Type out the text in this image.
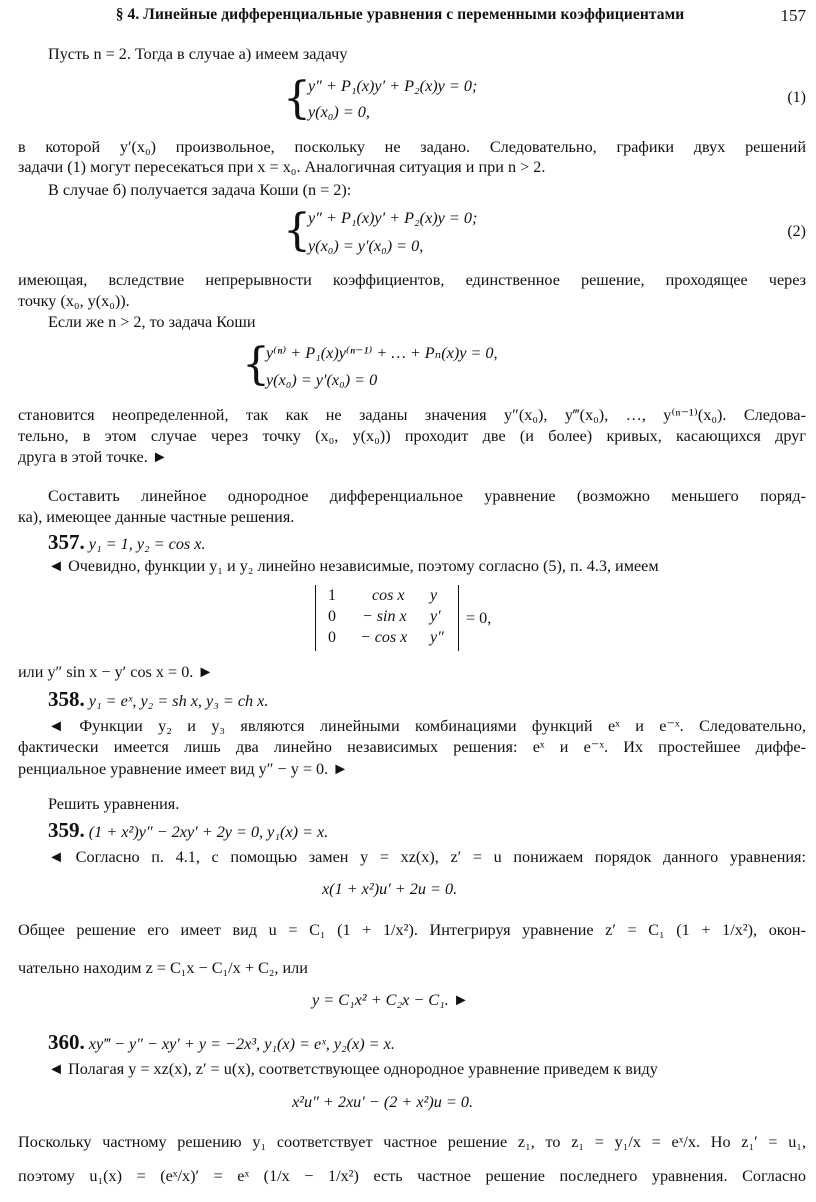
§ 4. Линейные дифференциальные уравнения с переменными коэффициентами	157
Пусть n = 2. Тогда в случае а) имеем задачу
{
y″ + P₁(x)y′ + P₂(x)y = 0;
y(x₀) = 0,
(1)
в которой y′(x₀) произвольное, поскольку не задано. Следовательно, графики двух решений
задачи (1) могут пересекаться при x = x₀. Аналогичная ситуация и при n > 2.
В случае б) получается задача Коши (n = 2):
{
y″ + P₁(x)y′ + P₂(x)y = 0;
y(x₀) = y′(x₀) = 0,
(2)
имеющая, вследствие непрерывности коэффициентов, единственное решение, проходящее через
точку (x₀, y(x₀)).
Если же n > 2, то задача Коши
{
y⁽ⁿ⁾ + P₁(x)y⁽ⁿ⁻¹⁾ + … + Pₙ(x)y = 0,
y(x₀) = y′(x₀) = 0
становится неопределенной, так как не заданы значения y″(x₀), y‴(x₀), …, y⁽ⁿ⁻¹⁾(x₀). Следова-
тельно, в этом случае через точку (x₀, y(x₀)) проходит две (и более) кривых, касающихся друг
друга в этой точке. ►
Составить линейное однородное дифференциальное уравнение (возможно меньшего поряд-
ка), имеющее данные частные решения.
357. y₁ = 1, y₂ = cos x.
◄ Очевидно, функции y₁ и y₂ линейно независимые, поэтому согласно (5), п. 4.3, имеем
1 cos x y
0 − sin x y′
0 − cos x y″
= 0,
или y″ sin x − y′ cos x = 0. ►
358. y₁ = eˣ, y₂ = sh x, y₃ = ch x.
◄ Функции y₂ и y₃ являются линейными комбинациями функций eˣ и e⁻ˣ. Следовательно,
фактически имеется лишь два линейно независимых решения: eˣ и e⁻ˣ. Их простейшее диффе-
ренциальное уравнение имеет вид y″ − y = 0. ►
Решить уравнения.
359. (1 + x²)y″ − 2xy′ + 2y = 0, y₁(x) = x.
◄ Согласно п. 4.1, с помощью замен y = xz(x), z′ = u понижаем порядок данного уравнения:
x(1 + x²)u′ + 2u = 0.
Общее решение его имеет вид u = C₁ (1 + 1/x²). Интегрируя уравнение z′ = C₁ (1 + 1/x²), окон-
чательно находим z = C₁x − C₁/x + C₂, или
y = C₁x² + C₂x − C₁. ►
360. xy‴ − y″ − xy′ + y = −2x³, y₁(x) = eˣ, y₂(x) = x.
◄ Полагая y = xz(x), z′ = u(x), соответствующее однородное уравнение приведем к виду
x²u″ + 2xu′ − (2 + x²)u = 0.
Поскольку частному решению y₁ соответствует частное решение z₁, то z₁ = y₁/x = eˣ/x. Но z₁′ = u₁,
поэтому u₁(x) = (eˣ/x)′ = eˣ (1/x − 1/x²) есть частное решение последнего уравнения. Согласно
